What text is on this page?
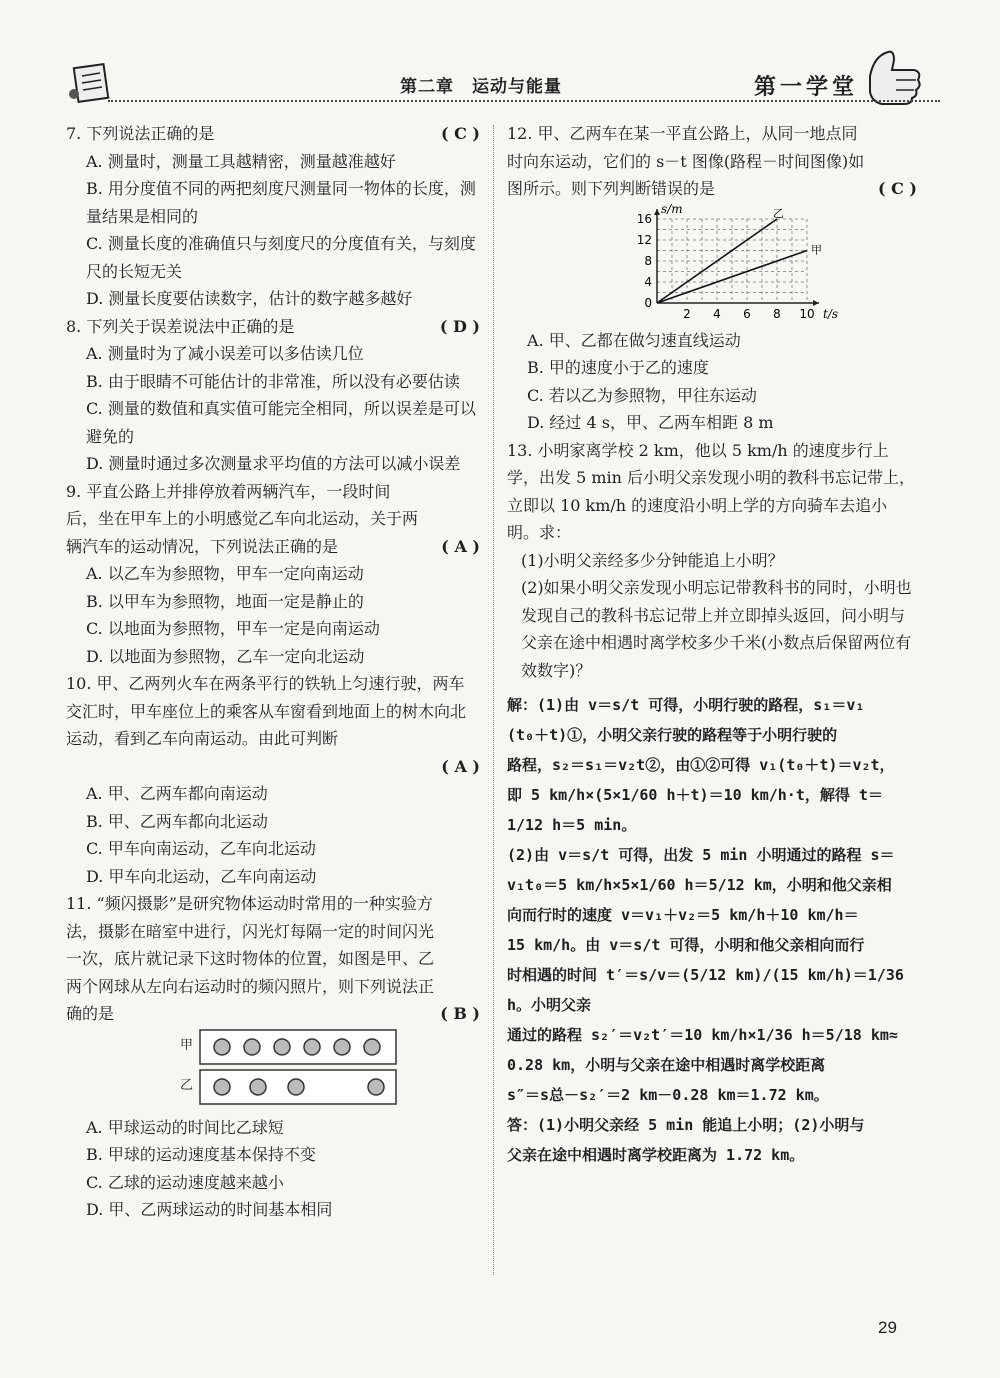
第二章　运动与能量	第一学堂
( C )
7. 下列说法正确的是
A. 测量时，测量工具越精密，测量越准越好
B. 用分度值不同的两把刻度尺测量同一物体的长度，测量结果是相同的
C. 测量长度的准确值只与刻度尺的分度值有关，与刻度尺的长短无关
D. 测量长度要估读数字，估计的数字越多越好
( D )
8. 下列关于误差说法中正确的是
A. 测量时为了减小误差可以多估读几位
B. 由于眼睛不可能估计的非常准，所以没有必要估读
C. 测量的数值和真实值可能完全相同，所以误差是可以避免的
D. 测量时通过多次测量求平均值的方法可以减小误差
( A )
9. 平直公路上并排停放着两辆汽车，一段时间后，坐在甲车上的小明感觉乙车向北运动，关于两辆汽车的运动情况，下列说法正确的是
A. 以乙车为参照物，甲车一定向南运动
B. 以甲车为参照物，地面一定是静止的
C. 以地面为参照物，甲车一定是向南运动
D. 以地面为参照物，乙车一定向北运动
10. 甲、乙两列火车在两条平行的铁轨上匀速行驶，两车交汇时，甲车座位上的乘客从车窗看到地面上的树木向北运动，看到乙车向南运动。由此可判断
( A )
A. 甲、乙两车都向南运动
B. 甲、乙两车都向北运动
C. 甲车向南运动，乙车向北运动
D. 甲车向北运动，乙车向南运动
( B )
11. “频闪摄影”是研究物体运动时常用的一种实验方法，摄影在暗室中进行，闪光灯每隔一定的时间闪光一次，底片就记录下这时物体的位置，如图是甲、乙两个网球从左向右运动时的频闪照片，则下列说法正确的是
甲
乙
A. 甲球运动的时间比乙球短
B. 甲球的运动速度基本保持不变
C. 乙球的运动速度越来越小
D. 甲、乙两球运动的时间基本相同
( C )
12. 甲、乙两车在某一平直公路上，从同一地点同时向东运动，它们的 s－t 图像(路程－时间图像)如图所示。则下列判断错误的是
2 4 6 8 10
4
8
12
16
0
t/s
s/m	乙
甲
A. 甲、乙都在做匀速直线运动
B. 甲的速度小于乙的速度
C. 若以乙为参照物，甲往东运动
D. 经过 4 s，甲、乙两车相距 8 m
13. 小明家离学校 2 km，他以 5 km/h 的速度步行上学，出发 5 min 后小明父亲发现小明的教科书忘记带上，立即以 10 km/h 的速度沿小明上学的方向骑车去追小明。求：
(1)小明父亲经多少分钟能追上小明？
(2)如果小明父亲发现小明忘记带教科书的同时，小明也发现自己的教科书忘记带上并立即掉头返回，问小明与父亲在途中相遇时离学校多少千米(小数点后保留两位有效数字)？
解：(1)由 v＝s/t 可得，小明行驶的路程，s₁＝v₁
(t₀＋t)①，小明父亲行驶的路程等于小明行驶的
路程，s₂＝s₁＝v₂t②，由①②可得 v₁(t₀＋t)＝v₂t，
即 5 km/h×(5×1/60 h＋t)＝10 km/h·t，解得 t＝
1/12 h＝5 min。
(2)由 v＝s/t 可得，出发 5 min 小明通过的路程 s＝
v₁t₀＝5 km/h×5×1/60 h＝5/12 km，小明和他父亲相
向而行时的速度 v＝v₁＋v₂＝5 km/h＋10 km/h＝
15 km/h。由 v＝s/t 可得，小明和他父亲相向而行
时相遇的时间 t′＝s/v＝(5/12 km)/(15 km/h)＝1/36 h。小明父亲
通过的路程 s₂′＝v₂t′＝10 km/h×1/36 h＝5/18 km≈
0.28 km，小明与父亲在途中相遇时离学校距离
s″＝s总－s₂′＝2 km－0.28 km＝1.72 km。
答：(1)小明父亲经 5 min 能追上小明；(2)小明与
父亲在途中相遇时离学校距离为 1.72 km。
29
